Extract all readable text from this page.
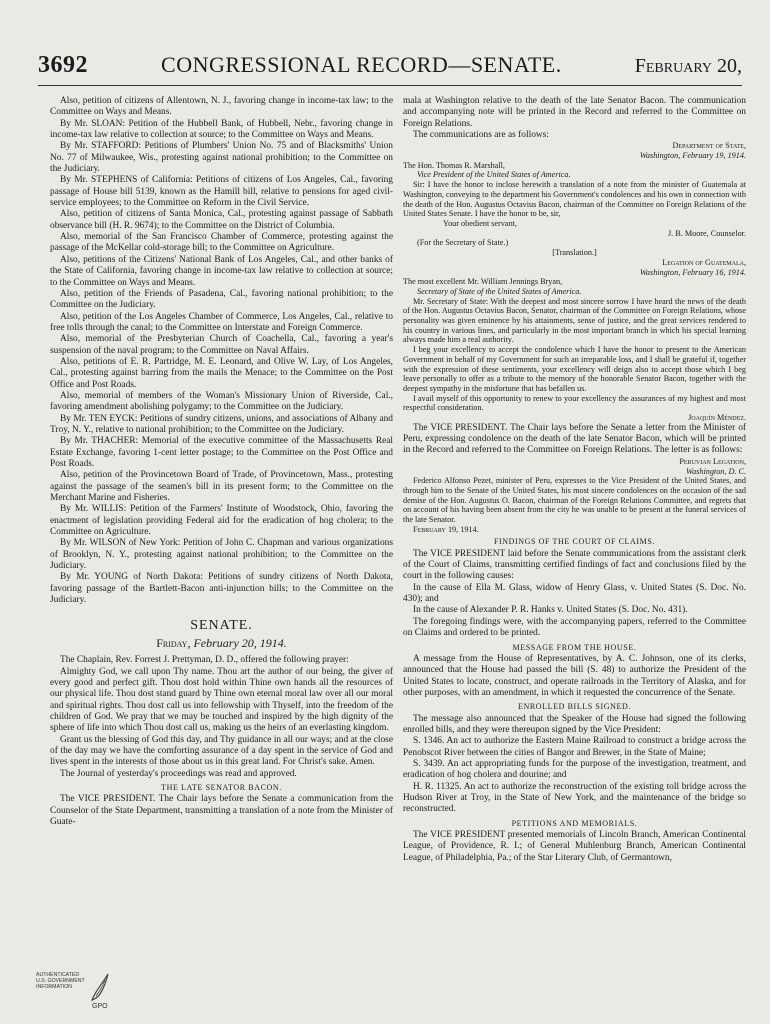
3692	CONGRESSIONAL RECORD—SENATE.	February 20,

Also, petition of citizens of Allentown, N. J., favoring change in income-tax law; to the Committee on Ways and Means.

By Mr. SLOAN: Petition of the Hubbell Bank, of Hubbell, Nebr., favoring change in income-tax law relative to collection at source; to the Committee on Ways and Means.

By Mr. STAFFORD: Petitions of Plumbers' Union No. 75 and of Blacksmiths' Union No. 77 of Milwaukee, Wis., protesting against national prohibition; to the Committee on the Judiciary.

By Mr. STEPHENS of California: Petitions of citizens of Los Angeles, Cal., favoring passage of House bill 5139, known as the Hamill bill, relative to pensions for aged civil-service employees; to the Committee on Reform in the Civil Service.

Also, petition of citizens of Santa Monica, Cal., protesting against passage of Sabbath observance bill (H. R. 9674); to the Committee on the District of Columbia.

Also, memorial of the San Francisco Chamber of Commerce, protesting against the passage of the McKellar cold-storage bill; to the Committee on Agriculture.

Also, petitions of the Citizens' National Bank of Los Angeles, Cal., and other banks of the State of California, favoring change in income-tax law relative to collection at source; to the Committee on Ways and Means.

Also, petition of the Friends of Pasadena, Cal., favoring national prohibition; to the Committee on the Judiciary.

Also, petition of the Los Angeles Chamber of Commerce, Los Angeles, Cal., relative to free tolls through the canal; to the Committee on Interstate and Foreign Commerce.

Also, memorial of the Presbyterian Church of Coachella, Cal., favoring a year's suspension of the naval program; to the Committee on Naval Affairs.

Also, petitions of E. R. Partridge, M. E. Leonard, and Olive W. Lay, of Los Angeles, Cal., protesting against barring from the mails the Menace; to the Committee on the Post Office and Post Roads.

Also, memorial of members of the Woman's Missionary Union of Riverside, Cal., favoring amendment abolishing polygamy; to the Committee on the Judiciary.

By Mr. TEN EYCK: Petitions of sundry citizens, unions, and associations of Albany and Troy, N. Y., relative to national prohibition; to the Committee on the Judiciary.

By Mr. THACHER: Memorial of the executive committee of the Massachusetts Real Estate Exchange, favoring 1-cent letter postage; to the Committee on the Post Office and Post Roads.

Also, petition of the Provincetown Board of Trade, of Provincetown, Mass., protesting against the passage of the seamen's bill in its present form; to the Committee on the Merchant Marine and Fisheries.

By Mr. WILLIS: Petition of the Farmers' Institute of Woodstock, Ohio, favoring the enactment of legislation providing Federal aid for the eradication of hog cholera; to the Committee on Agriculture.

By Mr. WILSON of New York: Petition of John C. Chapman and various organizations of Brooklyn, N. Y., protesting against national prohibition; to the Committee on the Judiciary.

By Mr. YOUNG of North Dakota: Petitions of sundry citizens of North Dakota, favoring passage of the Bartlett-Bacon anti-injunction bills; to the Committee on the Judiciary.

SENATE.
Friday, February 20, 1914.

The Chaplain, Rev. Forrest J. Prettyman, D. D., offered the following prayer:

Almighty God, we call upon Thy name. Thou art the author of our being, the giver of every good and perfect gift. Thou dost hold within Thine own hands all the resources of our physical life. Thou dost stand guard by Thine own eternal moral law over all our moral and spiritual rights. Thou dost call us into fellowship with Thyself, into the freedom of the children of God. We pray that we may be touched and inspired by the high dignity of the sphere of life into which Thou dost call us, making us the heirs of an everlasting kingdom.

Grant us the blessing of God this day, and Thy guidance in all our ways; and at the close of the day may we have the comforting assurance of a day spent in the service of God and lives spent in the interests of those about us in this great land. For Christ's sake. Amen.

The Journal of yesterday's proceedings was read and approved.

THE LATE SENATOR BACON.

The VICE PRESIDENT. The Chair lays before the Senate a communication from the Counselor of the State Department, transmitting a translation of a note from the Minister of Guate-

mala at Washington relative to the death of the late Senator Bacon. The communication and accompanying note will be printed in the Record and referred to the Committee on Foreign Relations.

The communications are as follows:

Department of State,
Washington, February 19, 1914.
The Hon. Thomas R. Marshall,
Vice President of the United States of America.

Sir: I have the honor to inclose herewith a translation of a note from the minister of Guatemala at Washington, conveying to the department his Government's condolences and his own in connection with the death of the Hon. Augustus Octavius Bacon, chairman of the Committee on Foreign Relations of the United States Senate. I have the honor to be, sir,

Your obedient servant,
J. B. Moore, Counselor.
(For the Secretary of State.)
[Translation.]
Legation of Guatemala,
Washington, February 16, 1914.
The most excellent Mr. William Jennings Bryan,
Secretary of State of the United States of America.

Mr. Secretary of State: With the deepest and most sincere sorrow I have heard the news of the death of the Hon. Augustus Octavius Bacon, Senator, chairman of the Committee on Foreign Relations, whose personality was given eminence by his attainments, sense of justice, and the great services rendered to his country in various lines, and particularly in the most important branch in which his special learning always made him a real authority.

I beg your excellency to accept the condolence which I have the honor to present to the American Government in behalf of my Government for such an irreparable loss, and I shall be grateful if, together with the expression of these sentiments, your excellency will deign also to accept those which I beg leave personally to offer as a tribute to the memory of the honorable Senator Bacon, together with the deepest sympathy in the misfortune that has befallen us.

I avail myself of this opportunity to renew to your excellency the assurances of my highest and most respectful consideration.

Joaquín Méndez.

The VICE PRESIDENT. The Chair lays before the Senate a letter from the Minister of Peru, expressing condolence on the death of the late Senator Bacon, which will be printed in the Record and referred to the Committee on Foreign Relations. The letter is as follows:

Peruvian Legation,
Washington, D. C.

Federico Alfonso Pezet, minister of Peru, expresses to the Vice President of the United States, and through him to the Senate of the United States, his most sincere condolences on the occasion of the sad demise of the Hon. Augustus O. Bacon, chairman of the Foreign Relations Committee, and regrets that on account of his having been absent from the city he was unable to be present at the funeral services of the late Senator.

February 19, 1914.
FINDINGS OF THE COURT OF CLAIMS.

The VICE PRESIDENT laid before the Senate communications from the assistant clerk of the Court of Claims, transmitting certified findings of fact and conclusions filed by the court in the following causes:

In the cause of Ella M. Glass, widow of Henry Glass, v. United States (S. Doc. No. 430); and

In the cause of Alexander P. R. Hanks v. United States (S. Doc. No. 431).

The foregoing findings were, with the accompanying papers, referred to the Committee on Claims and ordered to be printed.

MESSAGE FROM THE HOUSE.

A message from the House of Representatives, by A. C. Johnson, one of its clerks, announced that the House had passed the bill (S. 48) to authorize the President of the United States to locate, construct, and operate railroads in the Territory of Alaska, and for other purposes, with an amendment, in which it requested the concurrence of the Senate.

ENROLLED BILLS SIGNED.

The message also announced that the Speaker of the House had signed the following enrolled bills, and they were thereupon signed by the Vice President:

S. 1346. An act to authorize the Eastern Maine Railroad to construct a bridge across the Penobscot River between the cities of Bangor and Brewer, in the State of Maine;

S. 3439. An act appropriating funds for the purpose of the investigation, treatment, and eradication of hog cholera and dourine; and

H. R. 11325. An act to authorize the reconstruction of the existing toll bridge across the Hudson River at Troy, in the State of New York, and the maintenance of the bridge so reconstructed.

PETITIONS AND MEMORIALS.

The VICE PRESIDENT presented memorials of Lincoln Branch, American Continental League, of Providence, R. I.; of General Muhlenburg Branch, American Continental League, of Philadelphia, Pa.; of the Star Literary Club, of Germantown,

AUTHENTICATED U.S. GOVERNMENT INFORMATION
GPO
